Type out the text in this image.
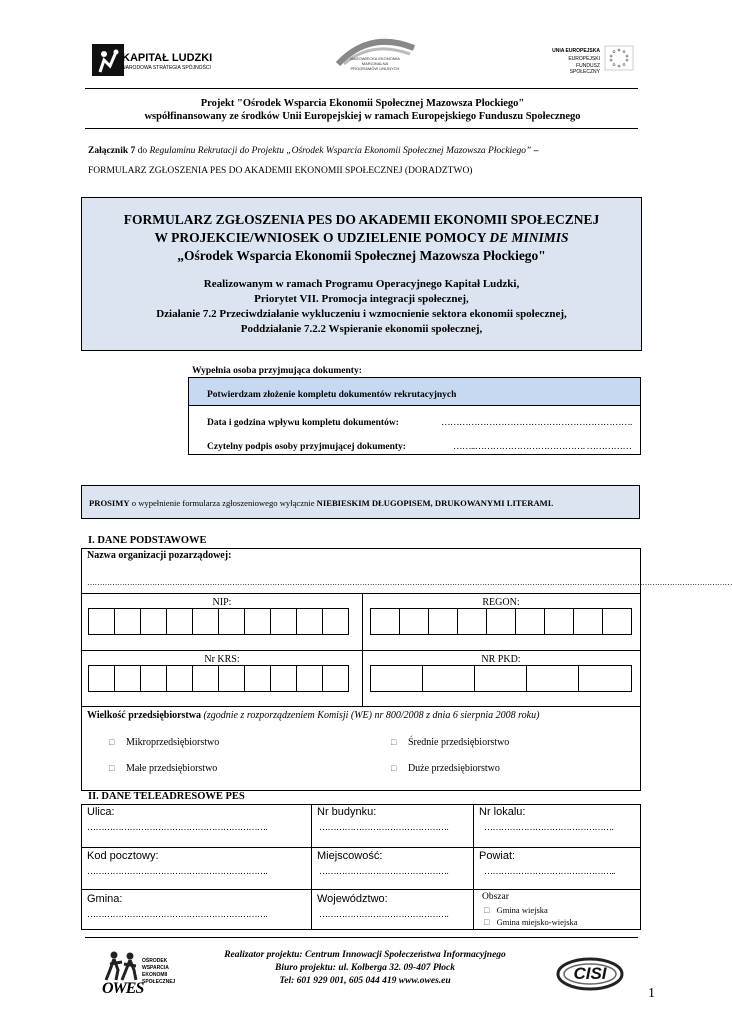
KAPITAŁ LUDZKI
NARODOWA STRATEGIA SPÓJNOŚCI
MAZOWIECKA EKONOMIA MARGINALNA PROGRAMÓW UNIJNYCH
UNIA EUROPEJSKA
EUROPEJSKI
FUNDUSZ SPOŁECZNY
Projekt "Ośrodek Wsparcia Ekonomii Społecznej Mazowsza Płockiego"
współfinansowany ze środków Unii Europejskiej w ramach Europejskiego Funduszu Społecznego
Załącznik 7 do Regulaminu Rekrutacji do Projektu „Ośrodek Wsparcia Ekonomii Społecznej Mazowsza Płockiego” –
FORMULARZ ZGŁOSZENIA PES DO AKADEMII EKONOMII SPOŁECZNEJ (DORADZTWO)
FORMULARZ ZGŁOSZENIA PES DO AKADEMII EKONOMII SPOŁECZNEJ
W PROJEKCIE/WNIOSEK O UDZIELENIE POMOCY DE MINIMIS
„Ośrodek Wsparcia Ekonomii Społecznej Mazowsza Płockiego"
Realizowanym w ramach Programu Operacyjnego Kapitał Ludzki,
Priorytet VII. Promocja integracji społecznej,
Działanie 7.2 Przeciwdziałanie wykluczeniu i wzmocnienie sektora ekonomii społecznej,
Poddziałanie 7.2.2 Wspieranie ekonomii społecznej,
Wypełnia osoba przyjmująca dokumenty:
Potwierdzam złożenie kompletu dokumentów rekrutacyjnych
Data i godzina wpływu kompletu dokumentów:	……………………………………………………….
Czytelny podpis osoby przyjmującej dokumenty:	……..………………………………. ……………
PROSIMY o wypełnienie formularza zgłoszeniowego wyłącznie NIEBIESKIM DŁUGOPISEM, DRUKOWANYMI LITERAMI.
I. DANE PODSTAWOWE
Nazwa organizacji pozarządowej:
……………………………………………………………………………………………………………………………………………………………………………………………………………………………………
NIP:	REGON:
Nr KRS:	NR PKD:
Wielkość przedsiębiorstwa (zgodnie z rozporządzeniem Komisji (WE) nr 800/2008 z dnia 6 sierpnia 2008 roku)
□ Mikroprzedsiębiorstwo	□ Średnie przedsiębiorstwo
□ Małe przedsiębiorstwo	□ Duże przedsiębiorstwo
II. DANE TELEADRESOWE PES
Ulica:
……………………………………………………….
Nr budynku:
……………………………………….
Nr lokalu:
……………………………………….
Kod pocztowy:
……………………………………………………….
Miejscowość:
……………………………………….
Powiat:
………………………………………..
Gmina:
……………………………………………………….
Województwo:
……………………………………….
Obszar
□ Gmina wiejska
□ Gmina miejsko-wiejska
OWES
OŚRODEK WSPARCIA EKONOMII SPOŁECZNEJ
Realizator projektu: Centrum Innowacji Społeczeństwa Informacyjnego
Biuro projektu: ul. Kolberga 32. 09-407 Płock
Tel: 601 929 001, 605 044 419 www.owes.eu	CISI
1
